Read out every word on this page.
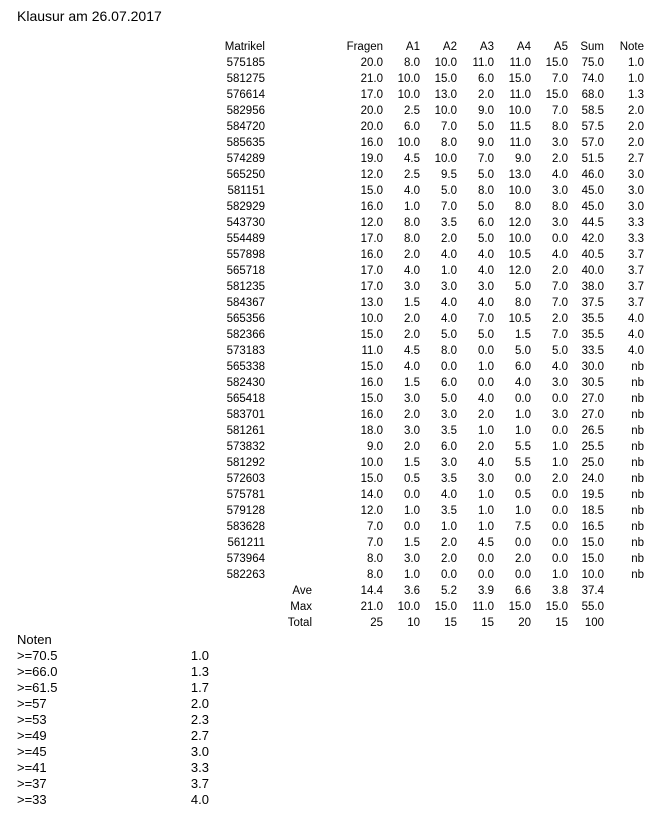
Klausur am 26.07.2017
Matrikel		Fragen	A1	A2	A3	A4	A5	Sum	Note
575185		20.0	8.0	10.0	11.0	11.0	15.0	75.0	1.0
581275		21.0	10.0	15.0	6.0	15.0	7.0	74.0	1.0
576614		17.0	10.0	13.0	2.0	11.0	15.0	68.0	1.3
582956		20.0	2.5	10.0	9.0	10.0	7.0	58.5	2.0
584720		20.0	6.0	7.0	5.0	11.5	8.0	57.5	2.0
585635		16.0	10.0	8.0	9.0	11.0	3.0	57.0	2.0
574289		19.0	4.5	10.0	7.0	9.0	2.0	51.5	2.7
565250		12.0	2.5	9.5	5.0	13.0	4.0	46.0	3.0
581151		15.0	4.0	5.0	8.0	10.0	3.0	45.0	3.0
582929		16.0	1.0	7.0	5.0	8.0	8.0	45.0	3.0
543730		12.0	8.0	3.5	6.0	12.0	3.0	44.5	3.3
554489		17.0	8.0	2.0	5.0	10.0	0.0	42.0	3.3
557898		16.0	2.0	4.0	4.0	10.5	4.0	40.5	3.7
565718		17.0	4.0	1.0	4.0	12.0	2.0	40.0	3.7
581235		17.0	3.0	3.0	3.0	5.0	7.0	38.0	3.7
584367		13.0	1.5	4.0	4.0	8.0	7.0	37.5	3.7
565356		10.0	2.0	4.0	7.0	10.5	2.0	35.5	4.0
582366		15.0	2.0	5.0	5.0	1.5	7.0	35.5	4.0
573183		11.0	4.5	8.0	0.0	5.0	5.0	33.5	4.0
565338		15.0	4.0	0.0	1.0	6.0	4.0	30.0	nb
582430		16.0	1.5	6.0	0.0	4.0	3.0	30.5	nb
565418		15.0	3.0	5.0	4.0	0.0	0.0	27.0	nb
583701		16.0	2.0	3.0	2.0	1.0	3.0	27.0	nb
581261		18.0	3.0	3.5	1.0	1.0	0.0	26.5	nb
573832		9.0	2.0	6.0	2.0	5.5	1.0	25.5	nb
581292		10.0	1.5	3.0	4.0	5.5	1.0	25.0	nb
572603		15.0	0.5	3.5	3.0	0.0	2.0	24.0	nb
575781		14.0	0.0	4.0	1.0	0.5	0.0	19.5	nb
579128		12.0	1.0	3.5	1.0	1.0	0.0	18.5	nb
583628		7.0	0.0	1.0	1.0	7.5	0.0	16.5	nb
561211		7.0	1.5	2.0	4.5	0.0	0.0	15.0	nb
573964		8.0	3.0	2.0	0.0	2.0	0.0	15.0	nb
582263		8.0	1.0	0.0	0.0	0.0	1.0	10.0	nb
	Ave	14.4	3.6	5.2	3.9	6.6	3.8	37.4	
	Max	21.0	10.0	15.0	11.0	15.0	15.0	55.0	
	Total	25	10	15	15	20	15	100	
Noten
>=70.5	1.0
>=66.0	1.3
>=61.5	1.7
>=57	2.0
>=53	2.3
>=49	2.7
>=45	3.0
>=41	3.3
>=37	3.7
>=33	4.0
